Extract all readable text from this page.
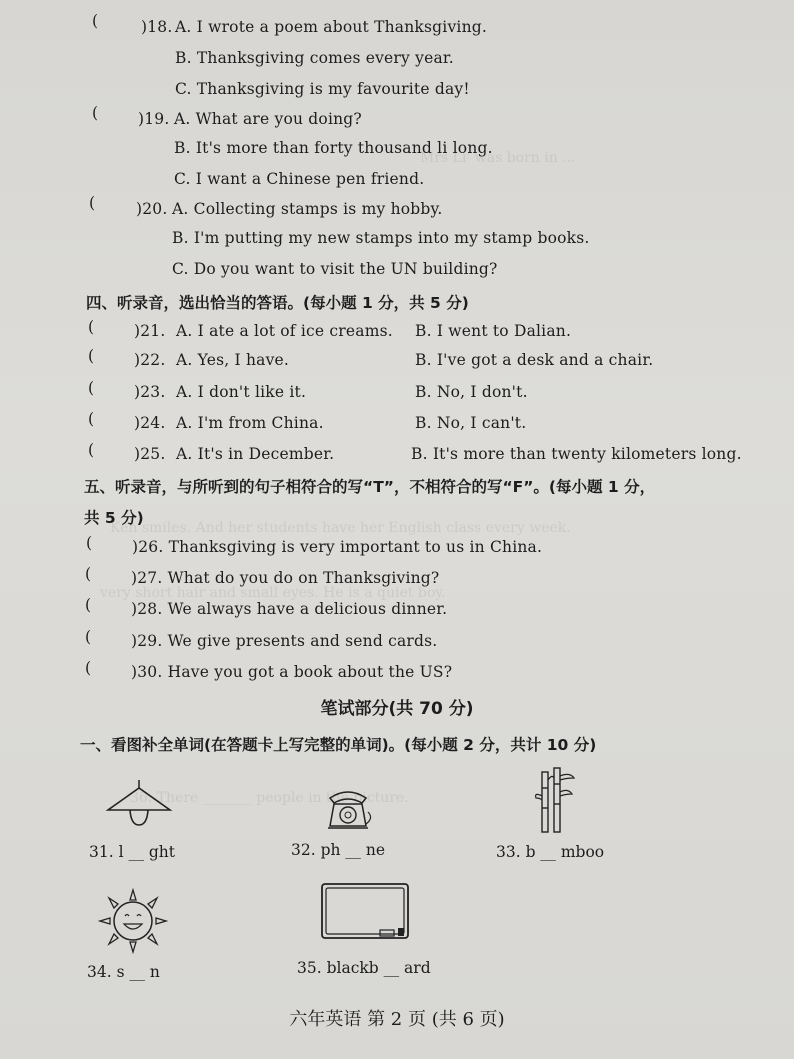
Mrs Li' was born in ...
Ken smiles. And her students have her English class every week.
very short hair and small eyes. He is a quiet boy.
36. There _______ people in the picture.
(	)18. A. I wrote a poem about Thanksgiving.
B. Thanksgiving comes every year.
C. Thanksgiving is my favourite day!
(	)19. A. What are you doing?
B. It's more than forty thousand li long.
C. I want a Chinese pen friend.
(	)20. A. Collecting stamps is my hobby.
B. I'm putting my new stamps into my stamp books.
C. Do you want to visit the UN building?
四、听录音，选出恰当的答语。(每小题 1 分，共 5 分)
(	)21. A. I ate a lot of ice creams. B. I went to Dalian.
(	)22. A. Yes, I have.	B. I've got a desk and a chair.
(	)23. A. I don't like it.	B. No, I don't.
(	)24. A. I'm from China.	B. No, I can't.
(	)25. A. It's in December.	B. It's more than twenty kilometers long.
五、听录音，与所听到的句子相符合的写“T”，不相符合的写“F”。(每小题 1 分，
共 5 分)
(	)26. Thanksgiving is very important to us in China.
(	)27. What do you do on Thanksgiving?
(	)28. We always have a delicious dinner.
(	)29. We give presents and send cards.
(	)30. Have you got a book about the US?
笔试部分(共 70 分)
一、看图补全单词(在答题卡上写完整的单词)。(每小题 2 分，共计 10 分)
31. l __ ght	32. ph __ ne	33. b __ mboo
34. s __ n	35. blackb __ ard
六年英语 第 2 页 (共 6 页)
